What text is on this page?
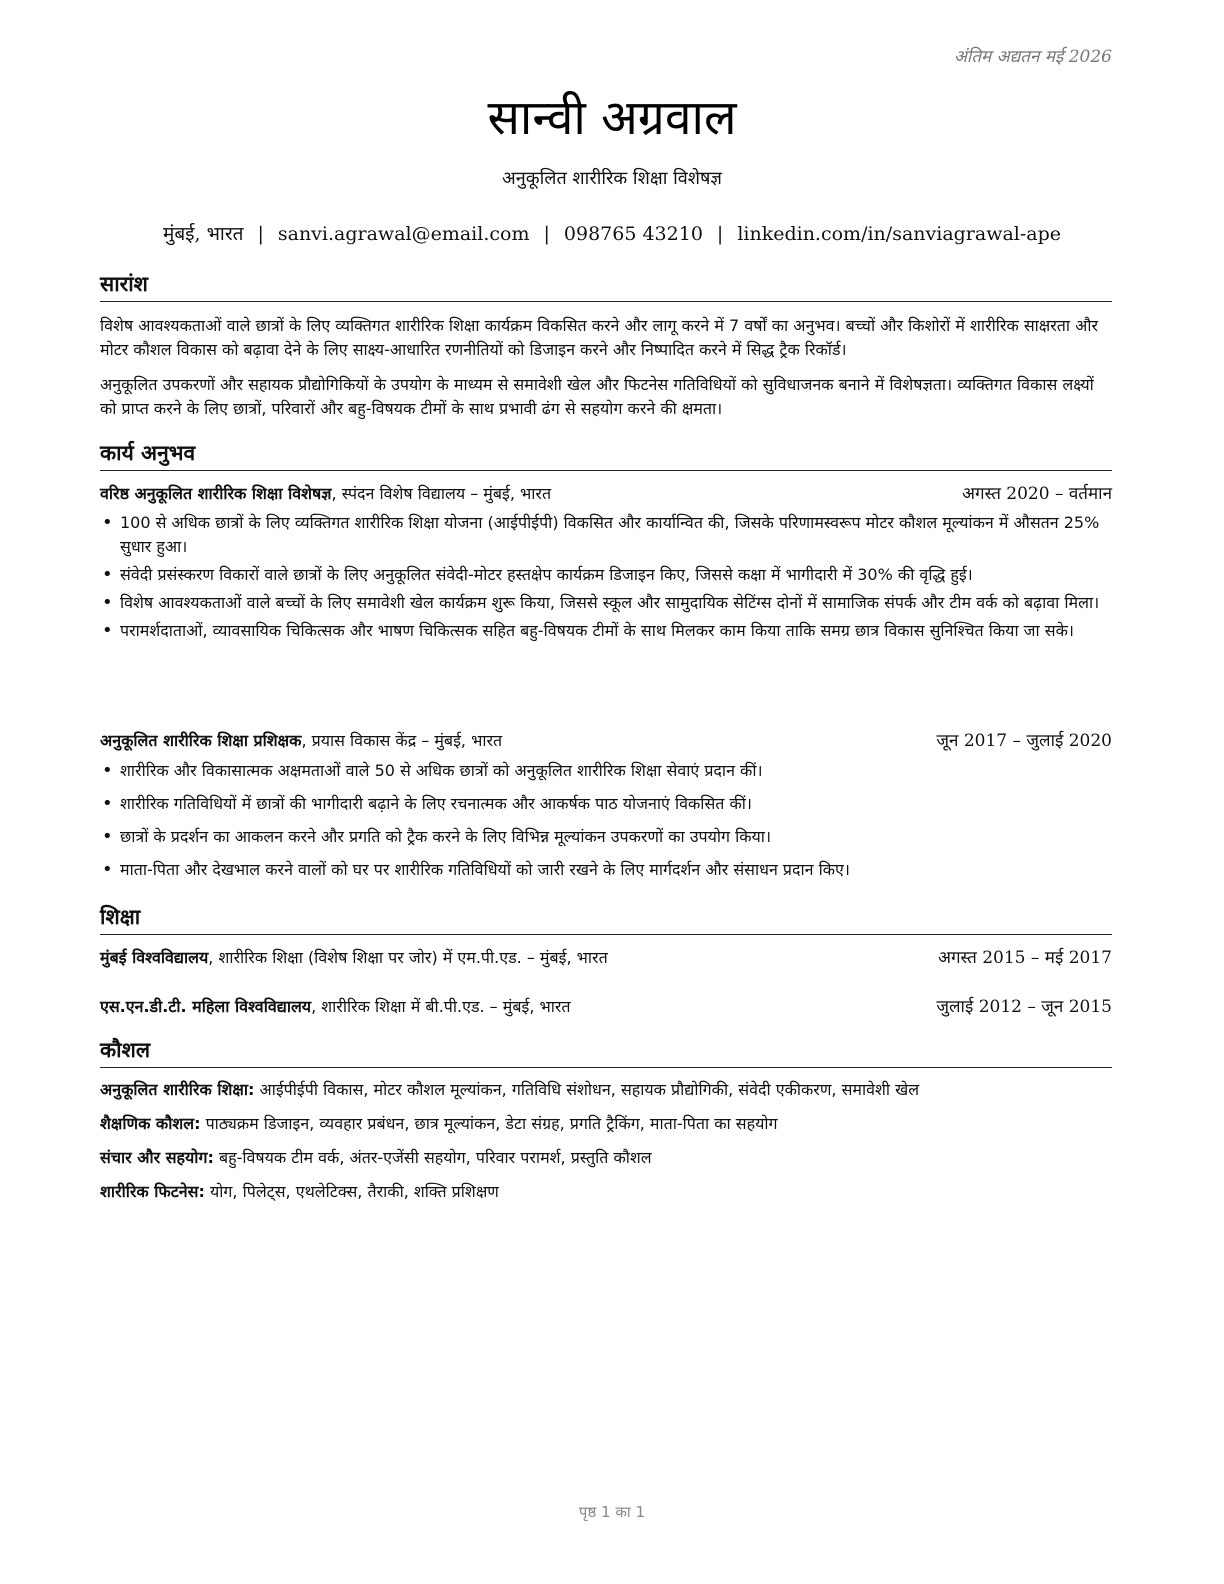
अंतिम अद्यतन मई 2026
सान्वी अग्रवाल
अनुकूलित शारीरिक शिक्षा विशेषज्ञ
मुंबई, भारत | sanvi.agrawal@email.com | 098765 43210 | linkedin.com/in/sanviagrawal-ape
सारांश
विशेष आवश्यकताओं वाले छात्रों के लिए व्यक्तिगत शारीरिक शिक्षा कार्यक्रम विकसित करने और लागू करने में 7 वर्षों का अनुभव। बच्चों और किशोरों में शारीरिक साक्षरता और मोटर कौशल विकास को बढ़ावा देने के लिए साक्ष्य-आधारित रणनीतियों को डिजाइन करने और निष्पादित करने में सिद्ध ट्रैक रिकॉर्ड।
अनुकूलित उपकरणों और सहायक प्रौद्योगिकियों के उपयोग के माध्यम से समावेशी खेल और फिटनेस गतिविधियों को सुविधाजनक बनाने में विशेषज्ञता। व्यक्तिगत विकास लक्ष्यों को प्राप्त करने के लिए छात्रों, परिवारों और बहु-विषयक टीमों के साथ प्रभावी ढंग से सहयोग करने की क्षमता।
कार्य अनुभव
वरिष्ठ अनुकूलित शारीरिक शिक्षा विशेषज्ञ, स्पंदन विशेष विद्यालय – मुंबई, भारत	अगस्त 2020 – वर्तमान
• 100 से अधिक छात्रों के लिए व्यक्तिगत शारीरिक शिक्षा योजना (आईपीईपी) विकसित और कार्यान्वित की, जिसके परिणामस्वरूप मोटर कौशल मूल्यांकन में औसतन 25% सुधार हुआ।
• संवेदी प्रसंस्करण विकारों वाले छात्रों के लिए अनुकूलित संवेदी-मोटर हस्तक्षेप कार्यक्रम डिजाइन किए, जिससे कक्षा में भागीदारी में 30% की वृद्धि हुई।
• विशेष आवश्यकताओं वाले बच्चों के लिए समावेशी खेल कार्यक्रम शुरू किया, जिससे स्कूल और सामुदायिक सेटिंग्स दोनों में सामाजिक संपर्क और टीम वर्क को बढ़ावा मिला।
• परामर्शदाताओं, व्यावसायिक चिकित्सक और भाषण चिकित्सक सहित बहु-विषयक टीमों के साथ मिलकर काम किया ताकि समग्र छात्र विकास सुनिश्चित किया जा सके।
अनुकूलित शारीरिक शिक्षा प्रशिक्षक, प्रयास विकास केंद्र – मुंबई, भारत	जून 2017 – जुलाई 2020
• शारीरिक और विकासात्मक अक्षमताओं वाले 50 से अधिक छात्रों को अनुकूलित शारीरिक शिक्षा सेवाएं प्रदान कीं।
• शारीरिक गतिविधियों में छात्रों की भागीदारी बढ़ाने के लिए रचनात्मक और आकर्षक पाठ योजनाएं विकसित कीं।
• छात्रों के प्रदर्शन का आकलन करने और प्रगति को ट्रैक करने के लिए विभिन्न मूल्यांकन उपकरणों का उपयोग किया।
• माता-पिता और देखभाल करने वालों को घर पर शारीरिक गतिविधियों को जारी रखने के लिए मार्गदर्शन और संसाधन प्रदान किए।
शिक्षा
मुंबई विश्वविद्यालय, शारीरिक शिक्षा (विशेष शिक्षा पर जोर) में एम.पी.एड. – मुंबई, भारत	अगस्त 2015 – मई 2017
एस.एन.डी.टी. महिला विश्वविद्यालय, शारीरिक शिक्षा में बी.पी.एड. – मुंबई, भारत	जुलाई 2012 – जून 2015
कौशल
अनुकूलित शारीरिक शिक्षा: आईपीईपी विकास, मोटर कौशल मूल्यांकन, गतिविधि संशोधन, सहायक प्रौद्योगिकी, संवेदी एकीकरण, समावेशी खेल
शैक्षणिक कौशल: पाठ्यक्रम डिजाइन, व्यवहार प्रबंधन, छात्र मूल्यांकन, डेटा संग्रह, प्रगति ट्रैकिंग, माता-पिता का सहयोग
संचार और सहयोग: बहु-विषयक टीम वर्क, अंतर-एजेंसी सहयोग, परिवार परामर्श, प्रस्तुति कौशल
शारीरिक फिटनेस: योग, पिलेट्स, एथलेटिक्स, तैराकी, शक्ति प्रशिक्षण
पृष्ठ 1 का 1
